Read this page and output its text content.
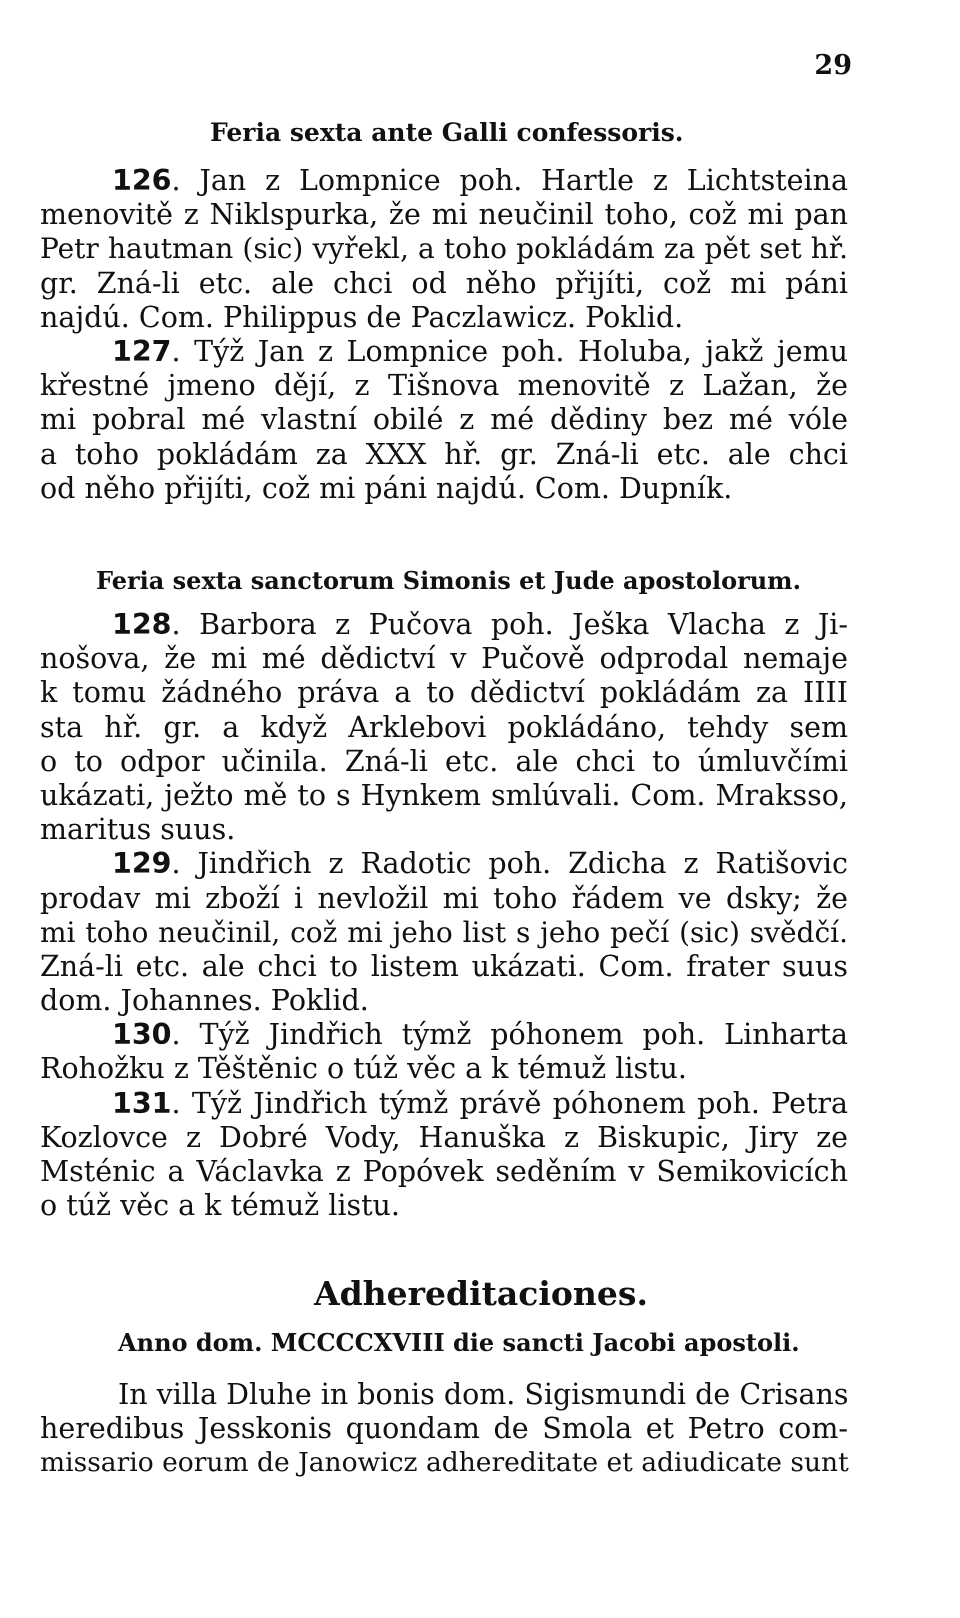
29
Feria sexta ante Galli confessoris.
126. Jan z Lompnice poh. Hartle z Lichtsteina
menovitě z Niklspurka, že mi neučinil toho, což mi pan
Petr hautman (sic) vyřekl, a toho pokládám za pět set hř.
gr. Zná-li etc. ale chci od něho přijíti, což mi páni
najdú. Com. Philippus de Paczlawicz. Poklid.
127. Týž Jan z Lompnice poh. Holuba, jakž jemu
křestné jmeno dějí, z Tišnova menovitě z Lažan, že
mi pobral mé vlastní obilé z mé dědiny bez mé vóle
a toho pokládám za XXX hř. gr. Zná-li etc. ale chci
od něho přijíti, což mi páni najdú. Com. Dupník.
Feria sexta sanctorum Simonis et Jude apostolorum.
128. Barbora z Pučova poh. Ješka Vlacha z Ji-
nošova, že mi mé dědictví v Pučově odprodal nemaje
k tomu žádného práva a to dědictví pokládám za IIII
sta hř. gr. a když Arklebovi pokládáno, tehdy sem
o to odpor učinila. Zná-li etc. ale chci to úmluvčími
ukázati, ježto mě to s Hynkem smlúvali. Com. Mraksso,
maritus suus.
129. Jindřich z Radotic poh. Zdicha z Ratišovic
prodav mi zboží i nevložil mi toho řádem ve dsky; že
mi toho neučinil, což mi jeho list s jeho pečí (sic) svědčí.
Zná-li etc. ale chci to listem ukázati. Com. frater suus
dom. Johannes. Poklid.
130. Týž Jindřich týmž póhonem poh. Linharta
Rohožku z Těštěnic o túž věc a k témuž listu.
131. Týž Jindřich týmž právě póhonem poh. Petra
Kozlovce z Dobré Vody, Hanuška z Biskupic, Jiry ze
Msténic a Václavka z Popóvek seděním v Semikovicích
o túž věc a k témuž listu.
Adhereditaciones.
Anno dom. MCCCCXVIII die sancti Jacobi apostoli.
In villa Dluhe in bonis dom. Sigismundi de Crisans
heredibus Jesskonis quondam de Smola et Petro com-
missario eorum de Janowicz adhereditate et adiudicate sunt
